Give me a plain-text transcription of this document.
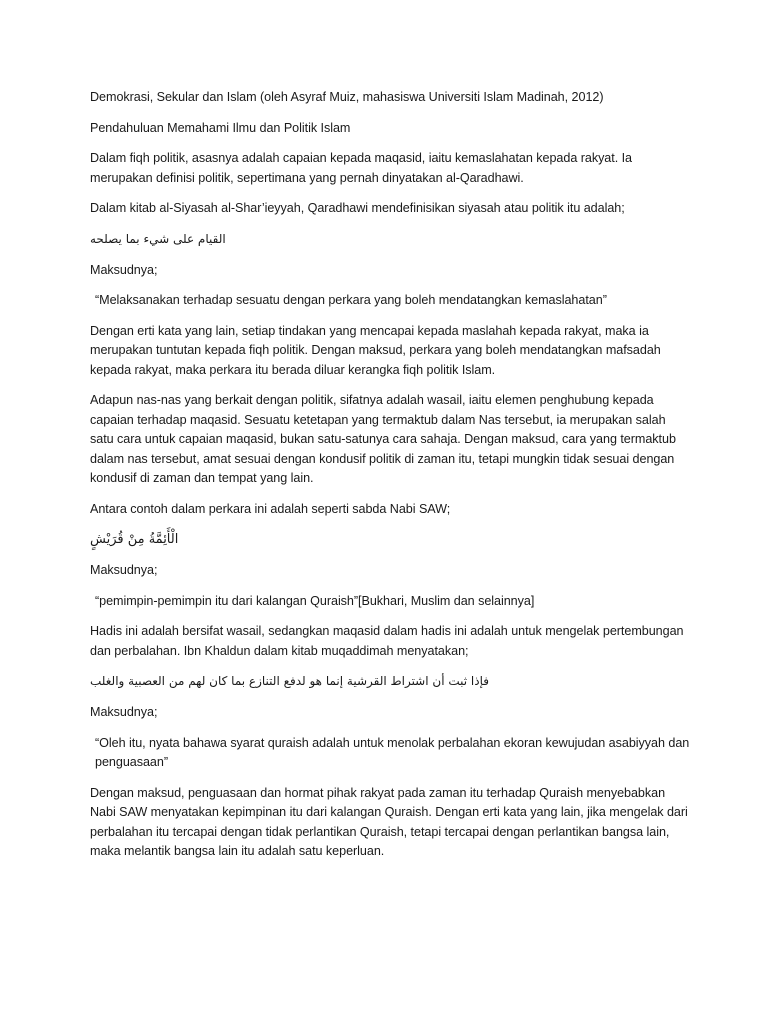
Demokrasi, Sekular dan Islam (oleh Asyraf Muiz, mahasiswa Universiti Islam Madinah, 2012)

Pendahuluan Memahami Ilmu dan Politik Islam

Dalam fiqh politik, asasnya adalah capaian kepada maqasid, iaitu kemaslahatan kepada rakyat. Ia merupakan definisi politik, sepertimana yang pernah dinyatakan al-Qaradhawi.

Dalam kitab al-Siyasah al-Shar’ieyyah, Qaradhawi mendefinisikan siyasah atau politik itu adalah;

القيام على شيء بما يصلحه

Maksudnya;

“Melaksanakan terhadap sesuatu dengan perkara yang boleh mendatangkan kemaslahatan”

Dengan erti kata yang lain, setiap tindakan yang mencapai kepada maslahah kepada rakyat, maka ia merupakan tuntutan kepada fiqh politik. Dengan maksud, perkara yang boleh mendatangkan mafsadah kepada rakyat, maka perkara itu berada diluar kerangka fiqh politik Islam.

Adapun nas-nas yang berkait dengan politik, sifatnya adalah wasail, iaitu elemen penghubung kepada capaian terhadap maqasid. Sesuatu ketetapan yang termaktub dalam Nas tersebut, ia merupakan salah satu cara untuk capaian maqasid, bukan satu-satunya cara sahaja. Dengan maksud, cara yang termaktub dalam nas tersebut, amat sesuai dengan kondusif politik di zaman itu, tetapi mungkin tidak sesuai dengan kondusif di zaman dan tempat yang lain.

Antara contoh dalam perkara ini adalah seperti sabda Nabi SAW;

الْأَئِمَّةُ مِنْ قُرَيْشٍ

Maksudnya;

“pemimpin-pemimpin itu dari kalangan Quraish”[Bukhari, Muslim dan selainnya]

Hadis ini adalah bersifat wasail, sedangkan maqasid dalam hadis ini adalah untuk mengelak pertembungan dan perbalahan. Ibn Khaldun dalam kitab muqaddimah menyatakan;

فإذا ثبت أن اشتراط القرشية إنما هو لدفع التنازع بما كان لهم من العصبية والغلب

Maksudnya;

“Oleh itu, nyata bahawa syarat quraish adalah untuk menolak perbalahan ekoran kewujudan asabiyyah dan penguasaan”

Dengan maksud, penguasaan dan hormat pihak rakyat pada zaman itu terhadap Quraish menyebabkan Nabi SAW menyatakan kepimpinan itu dari kalangan Quraish. Dengan erti kata yang lain, jika mengelak dari perbalahan itu tercapai dengan tidak perlantikan Quraish, tetapi tercapai dengan perlantikan bangsa lain, maka melantik bangsa lain itu adalah satu keperluan.
